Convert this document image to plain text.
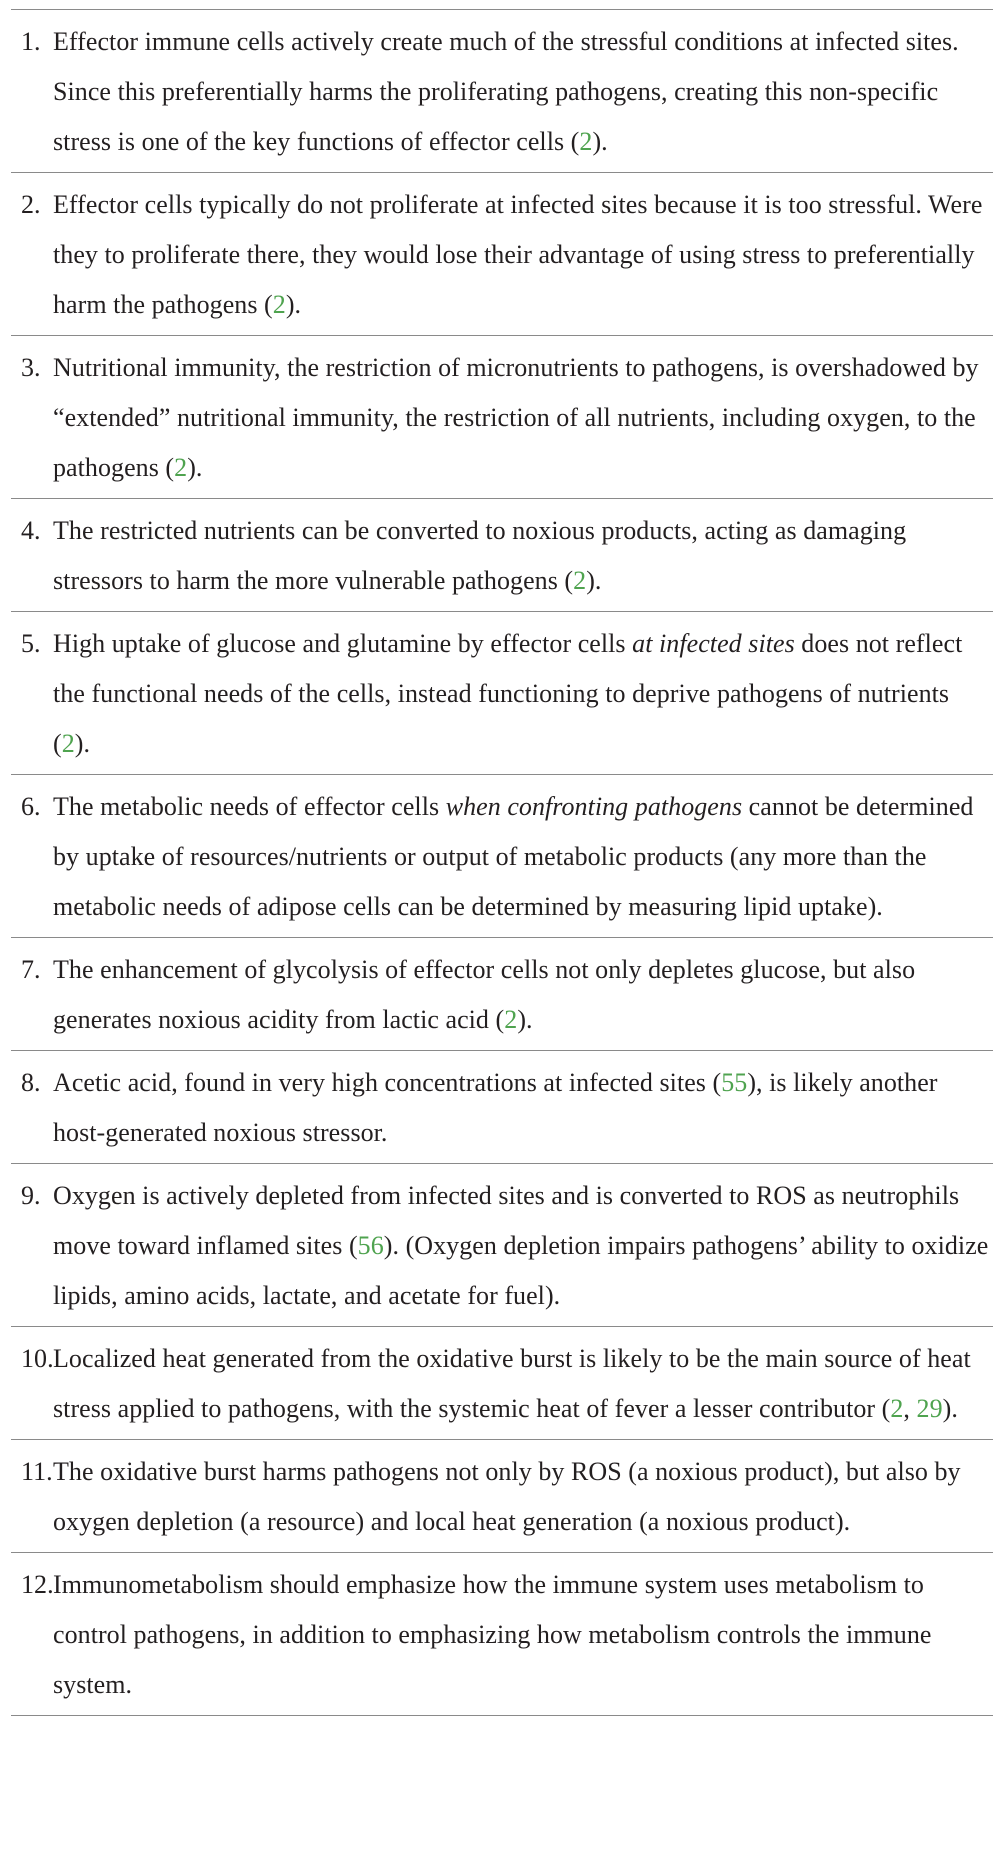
1. Effector immune cells actively create much of the stressful conditions at infected sites. Since this preferentially harms the proliferating pathogens, creating this non-specific stress is one of the key functions of effector cells (2).
2. Effector cells typically do not proliferate at infected sites because it is too stressful. Were they to proliferate there, they would lose their advantage of using stress to preferentially harm the pathogens (2).
3. Nutritional immunity, the restriction of micronutrients to pathogens, is overshadowed by “extended” nutritional immunity, the restriction of all nutrients, including oxygen, to the pathogens (2).
4. The restricted nutrients can be converted to noxious products, acting as damaging stressors to harm the more vulnerable pathogens (2).
5. High uptake of glucose and glutamine by effector cells at infected sites does not reflect the functional needs of the cells, instead functioning to deprive pathogens of nutrients (2).
6. The metabolic needs of effector cells when confronting pathogens cannot be determined by uptake of resources/nutrients or output of metabolic products (any more than the metabolic needs of adipose cells can be determined by measuring lipid uptake).
7. The enhancement of glycolysis of effector cells not only depletes glucose, but also generates noxious acidity from lactic acid (2).
8. Acetic acid, found in very high concentrations at infected sites (55), is likely another host-generated noxious stressor.
9. Oxygen is actively depleted from infected sites and is converted to ROS as neutrophils move toward inflamed sites (56). (Oxygen depletion impairs pathogens’ ability to oxidize lipids, amino acids, lactate, and acetate for fuel).
10. Localized heat generated from the oxidative burst is likely to be the main source of heat stress applied to pathogens, with the systemic heat of fever a lesser contributor (2, 29).
11. The oxidative burst harms pathogens not only by ROS (a noxious product), but also by oxygen depletion (a resource) and local heat generation (a noxious product).
12. Immunometabolism should emphasize how the immune system uses metabolism to control pathogens, in addition to emphasizing how metabolism controls the immune system.
